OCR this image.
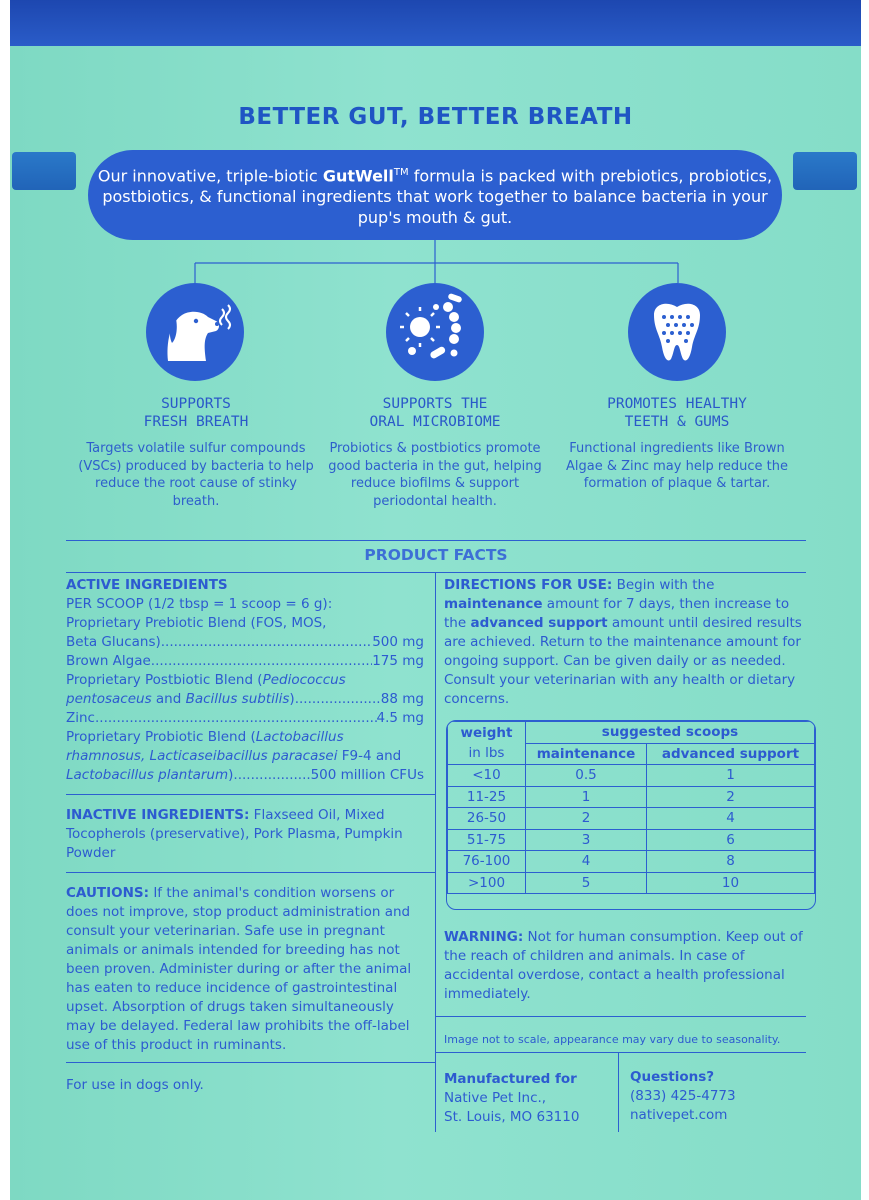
BETTER GUT, BETTER BREATH
Our innovative, triple-biotic GutWell™ formula is packed with prebiotics, probiotics, postbiotics, & functional ingredients that work together to balance bacteria in your pup's mouth & gut.
SUPPORTS
FRESH BREATH
Targets volatile sulfur compounds (VSCs) produced by bacteria to help reduce the root cause of stinky breath.
SUPPORTS THE
ORAL MICROBIOME
Probiotics & postbiotics promote good bacteria in the gut, helping reduce biofilms & support periodontal health.
PROMOTES HEALTHY
TEETH & GUMS
Functional ingredients like Brown Algae & Zinc may help reduce the formation of plaque & tartar.
PRODUCT FACTS
ACTIVE INGREDIENTS
PER SCOOP (1/2 tbsp = 1 scoop = 6 g):
Proprietary Prebiotic Blend (FOS, MOS,
Beta Glucans) .....	500 mg
Brown Algae .....	175 mg
Proprietary Postbiotic Blend (Pediococcus
pentosaceus and Bacillus subtilis) .....	88 mg
Zinc .....	4.5 mg
Proprietary Probiotic Blend (Lactobacillus
rhamnosus, Lacticaseibacillus paracasei F9-4 and
Lactobacillus plantarum) .....	500 million CFUs
INACTIVE INGREDIENTS: Flaxseed Oil, Mixed Tocopherols (preservative), Pork Plasma, Pumpkin Powder
CAUTIONS: If the animal's condition worsens or does not improve, stop product administration and consult your veterinarian. Safe use in pregnant animals or animals intended for breeding has not been proven. Administer during or after the animal has eaten to reduce incidence of gastrointestinal upset. Absorption of drugs taken simultaneously may be delayed. Federal law prohibits the off-label use of this product in ruminants.
For use in dogs only.
DIRECTIONS FOR USE: Begin with the maintenance amount for 7 days, then increase to the advanced support amount until desired results are achieved. Return to the maintenance amount for ongoing support. Can be given daily or as needed. Consult your veterinarian with any health or dietary concerns.
weight
in lbs	suggested scoops	
	maintenance	advanced support
<10	0.5	1
11-25	1	2
26-50	2	4
51-75	3	6
76-100	4	8
>100	5	10
WARNING: Not for human consumption. Keep out of the reach of children and animals. In case of accidental overdose, contact a health professional immediately.
Image not to scale, appearance may vary due to seasonality.
Manufactured for
Native Pet Inc.,
St. Louis, MO 63110
Questions?
(833) 425-4773
nativepet.com
